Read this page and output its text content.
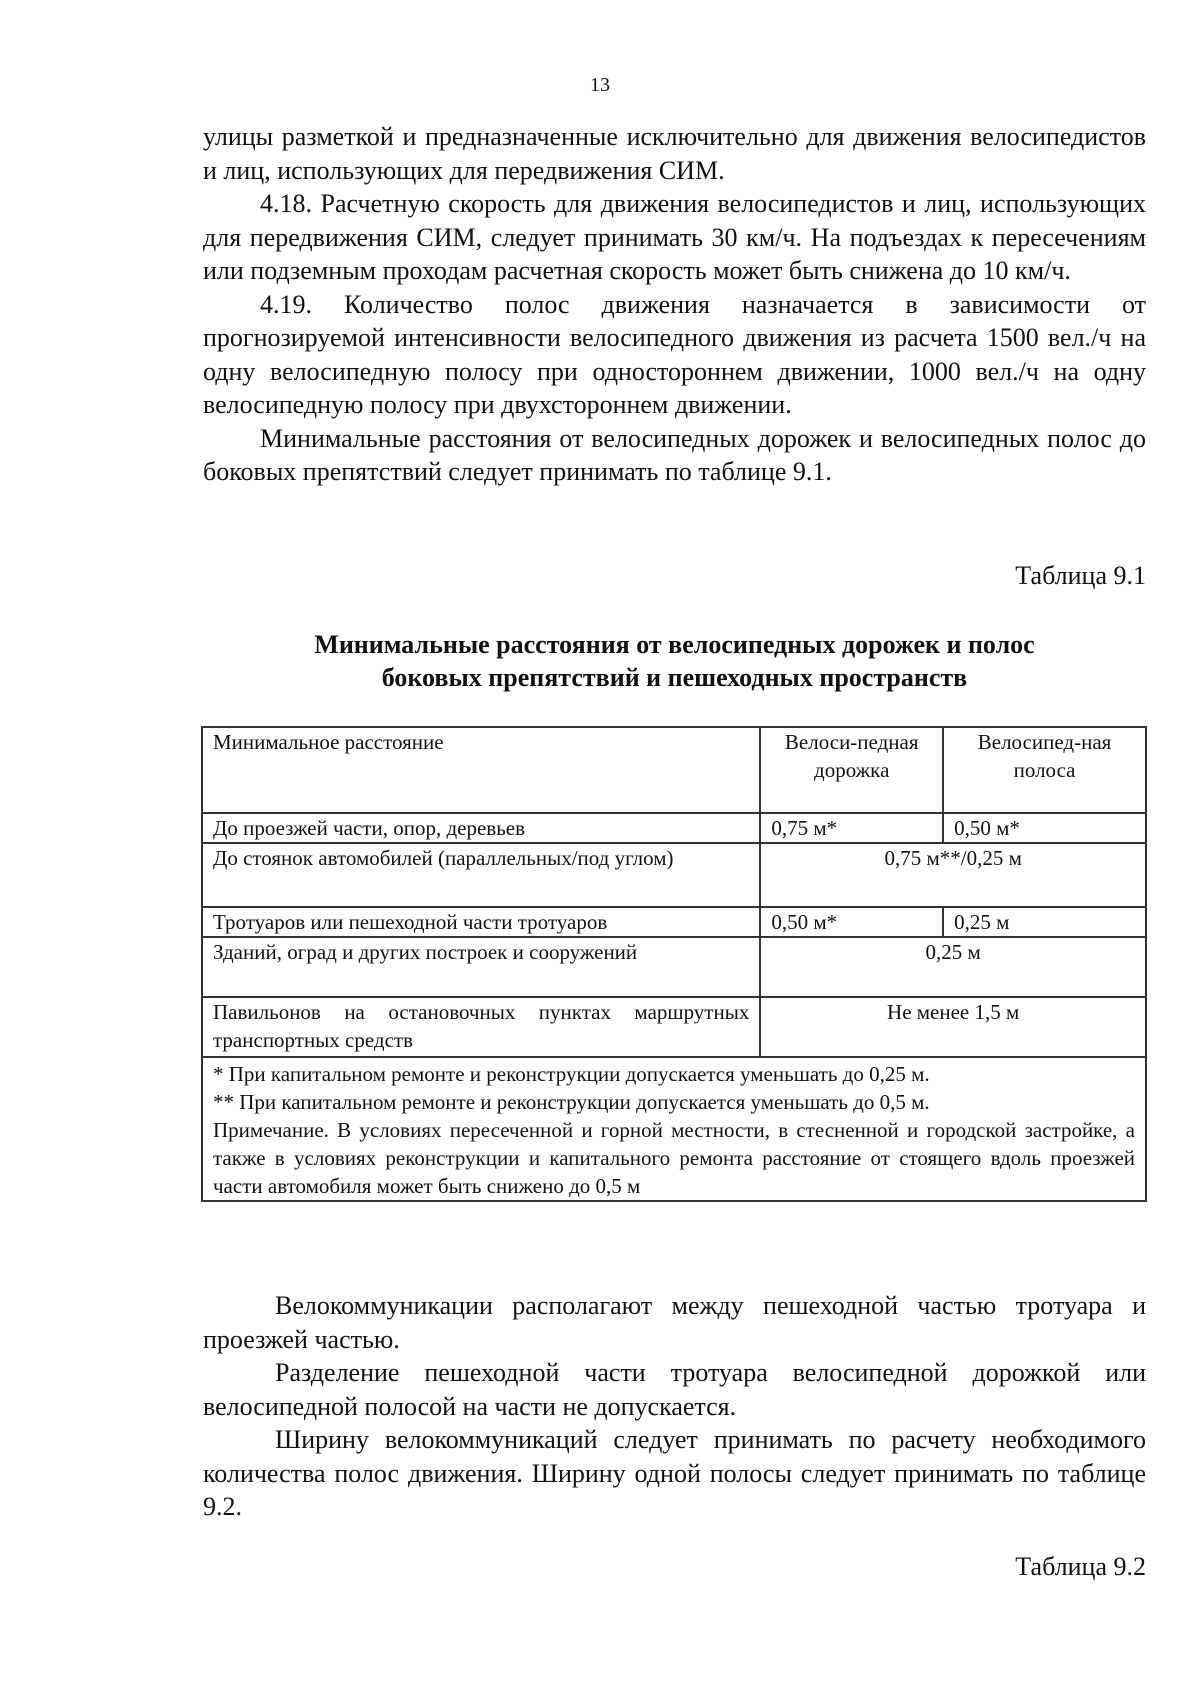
13

улицы разметкой и предназначенные исключительно для движения велосипедистов и лиц, использующих для передвижения СИМ.

4.18. Расчетную скорость для движения велосипедистов и лиц, использующих для передвижения СИМ, следует принимать 30 км/ч. На подъездах к пересечениям или подземным проходам расчетная скорость может быть снижена до 10 км/ч.

4.19. Количество полос движения назначается в зависимости от прогнозируемой интенсивности велосипедного движения из расчета 1500 вел./ч на одну велосипедную полосу при одностороннем движении, 1000 вел./ч на одну велосипедную полосу при двухстороннем движении.

Минимальные расстояния от велосипедных дорожек и велосипедных полос до боковых препятствий следует принимать по таблице 9.1.

Таблица 9.1
Минимальные расстояния от велосипедных дорожек и полос
боковых препятствий и пешеходных пространств
Минимальное расстояние	Велоси-педная дорожка	Велосипед-ная полоса
До проезжей части, опор, деревьев	0,75 м*	0,50 м*
До стоянок автомобилей (параллельных/под углом)	0,75 м**/0,25 м	
Тротуаров или пешеходной части тротуаров	0,50 м*	0,25 м
Зданий, оград и других построек и сооружений	0,25 м	
Павильонов на остановочных пунктах маршрутных транспортных средств	Не менее 1,5 м	

* При капитальном ремонте и реконструкции допускается уменьшать до 0,25 м.
** При капитальном ремонте и реконструкции допускается уменьшать до 0,5 м.
Примечание. В условиях пересеченной и горной местности, в стесненной и городской застройке, а также в условиях реконструкции и капитального ремонта расстояние от стоящего вдоль проезжей части автомобиля может быть снижено до 0,5 м		

Велокоммуникации располагают между пешеходной частью тротуара и проезжей частью.

Разделение пешеходной части тротуара велосипедной дорожкой или велосипедной полосой на части не допускается.

Ширину велокоммуникаций следует принимать по расчету необходимого количества полос движения. Ширину одной полосы следует принимать по таблице 9.2.

Таблица 9.2
